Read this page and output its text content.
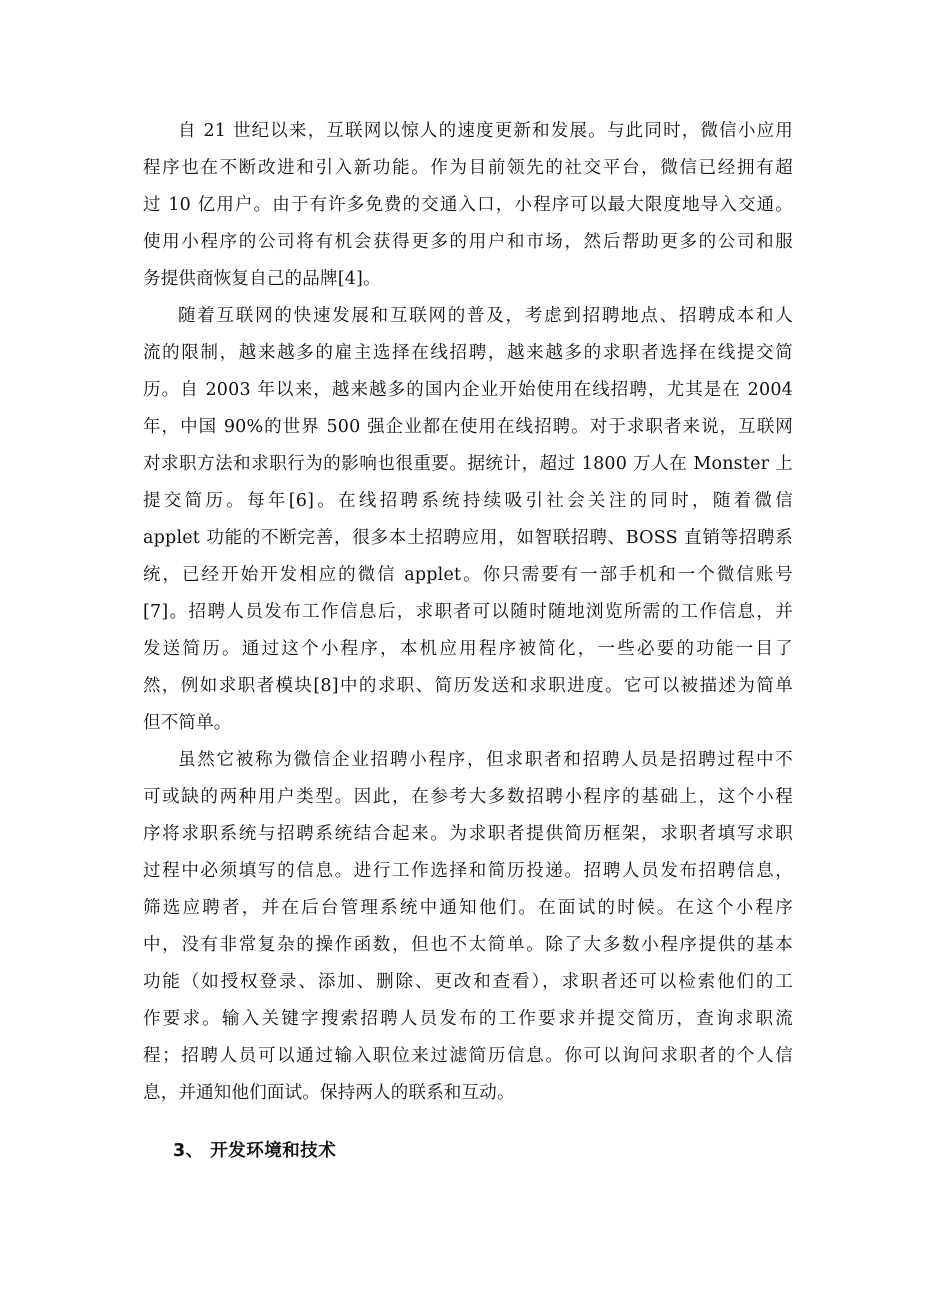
自 21 世纪以来，互联网以惊人的速度更新和发展。与此同时，微信小应用
程序也在不断改进和引入新功能。作为目前领先的社交平台，微信已经拥有超
过 10 亿用户。由于有许多免费的交通入口，小程序可以最大限度地导入交通。
使用小程序的公司将有机会获得更多的用户和市场，然后帮助更多的公司和服
务提供商恢复自己的品牌[4]。
随着互联网的快速发展和互联网的普及，考虑到招聘地点、招聘成本和人
流的限制，越来越多的雇主选择在线招聘，越来越多的求职者选择在线提交简
历。自 2003 年以来，越来越多的国内企业开始使用在线招聘，尤其是在 2004
年，中国 90%的世界 500 强企业都在使用在线招聘。对于求职者来说，互联网
对求职方法和求职行为的影响也很重要。据统计，超过 1800 万人在 Monster 上
提交简历。每年[6]。在线招聘系统持续吸引社会关注的同时，随着微信
applet 功能的不断完善，很多本土招聘应用，如智联招聘、BOSS 直销等招聘系
统，已经开始开发相应的微信 applet。你只需要有一部手机和一个微信账号
[7]。招聘人员发布工作信息后，求职者可以随时随地浏览所需的工作信息，并
发送简历。通过这个小程序，本机应用程序被简化，一些必要的功能一目了
然，例如求职者模块[8]中的求职、简历发送和求职进度。它可以被描述为简单
但不简单。
虽然它被称为微信企业招聘小程序，但求职者和招聘人员是招聘过程中不
可或缺的两种用户类型。因此，在参考大多数招聘小程序的基础上，这个小程
序将求职系统与招聘系统结合起来。为求职者提供简历框架，求职者填写求职
过程中必须填写的信息。进行工作选择和简历投递。招聘人员发布招聘信息，
筛选应聘者，并在后台管理系统中通知他们。在面试的时候。在这个小程序
中，没有非常复杂的操作函数，但也不太简单。除了大多数小程序提供的基本
功能（如授权登录、添加、删除、更改和查看），求职者还可以检索他们的工
作要求。输入关键字搜索招聘人员发布的工作要求并提交简历，查询求职流
程；招聘人员可以通过输入职位来过滤简历信息。你可以询问求职者的个人信
息，并通知他们面试。保持两人的联系和互动。
3、 开发环境和技术
